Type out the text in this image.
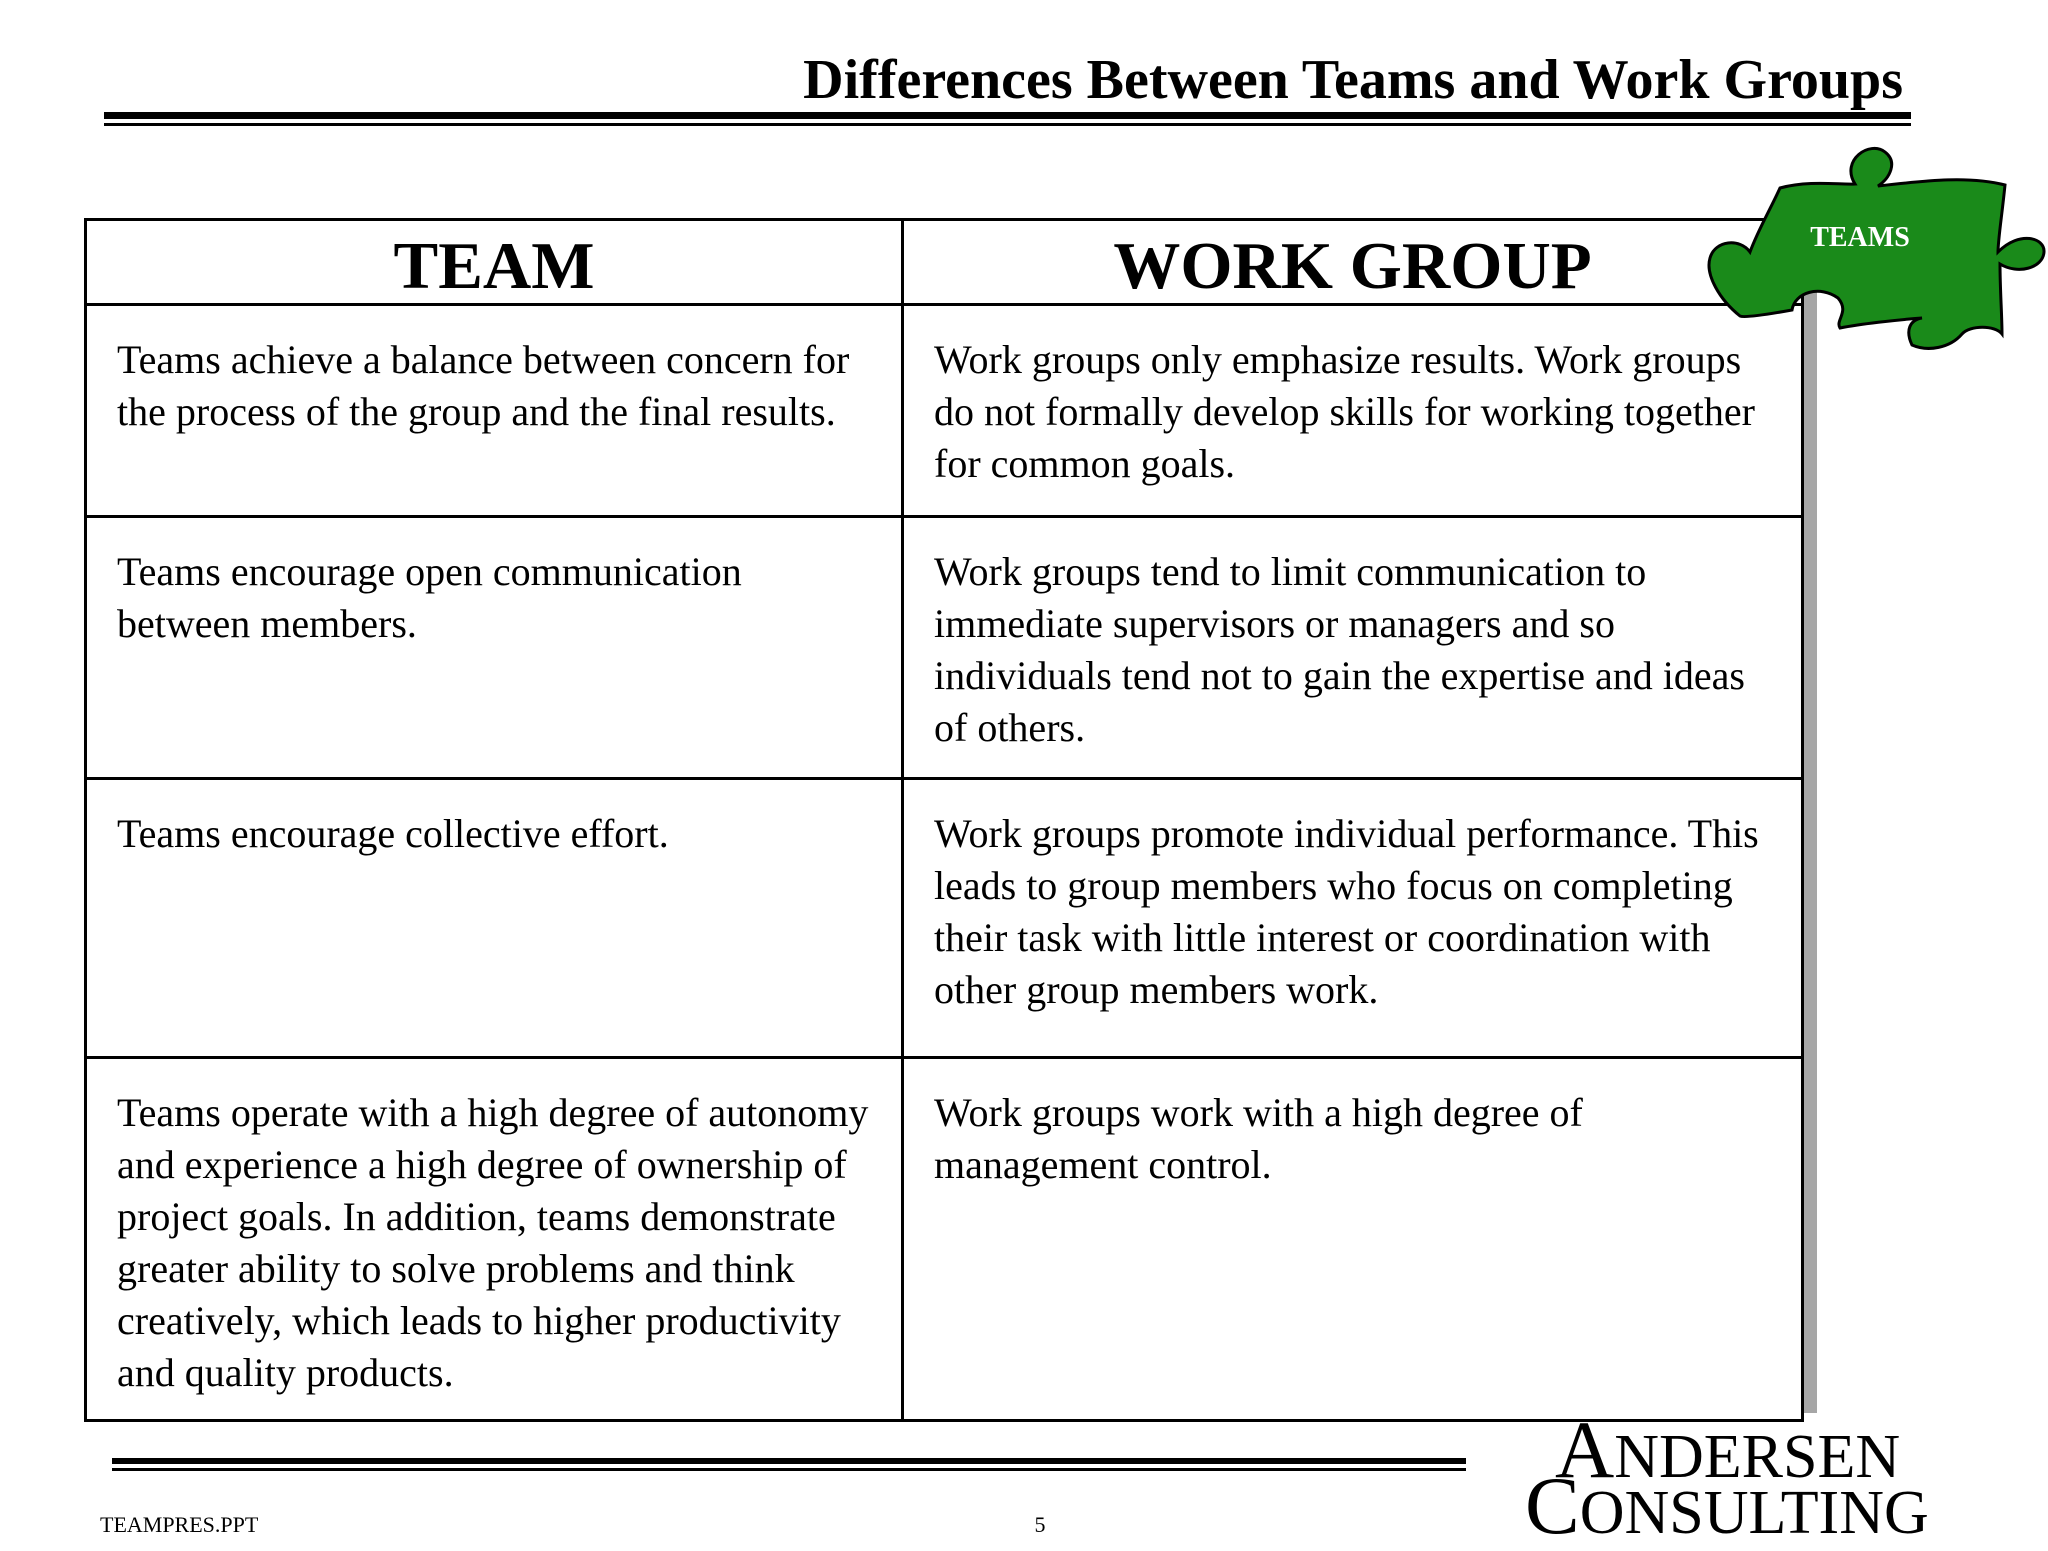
Differences Between Teams and Work Groups
TEAM	WORK GROUP
Teams achieve a balance between concern for the process of the group and the final results.	Work groups only emphasize results. Work groups do not formally develop skills for working together for common goals.
Teams encourage open communication between members.	Work groups tend to limit communication to immediate supervisors or managers and so individuals tend not to gain the expertise and ideas of others.
Teams encourage collective effort.	Work groups promote individual performance. This leads to group members who focus on completing their task with little interest or coordination with other group members work.
Teams operate with a high degree of autonomy and experience a high degree of ownership of project goals. In addition, teams demonstrate greater ability to solve problems and think creatively, which leads to higher productivity and quality products.	Work groups work with a high degree of management control.
TEAMS
TEAMPRES.PPT	5
ANDERSEN
CONSULTING
